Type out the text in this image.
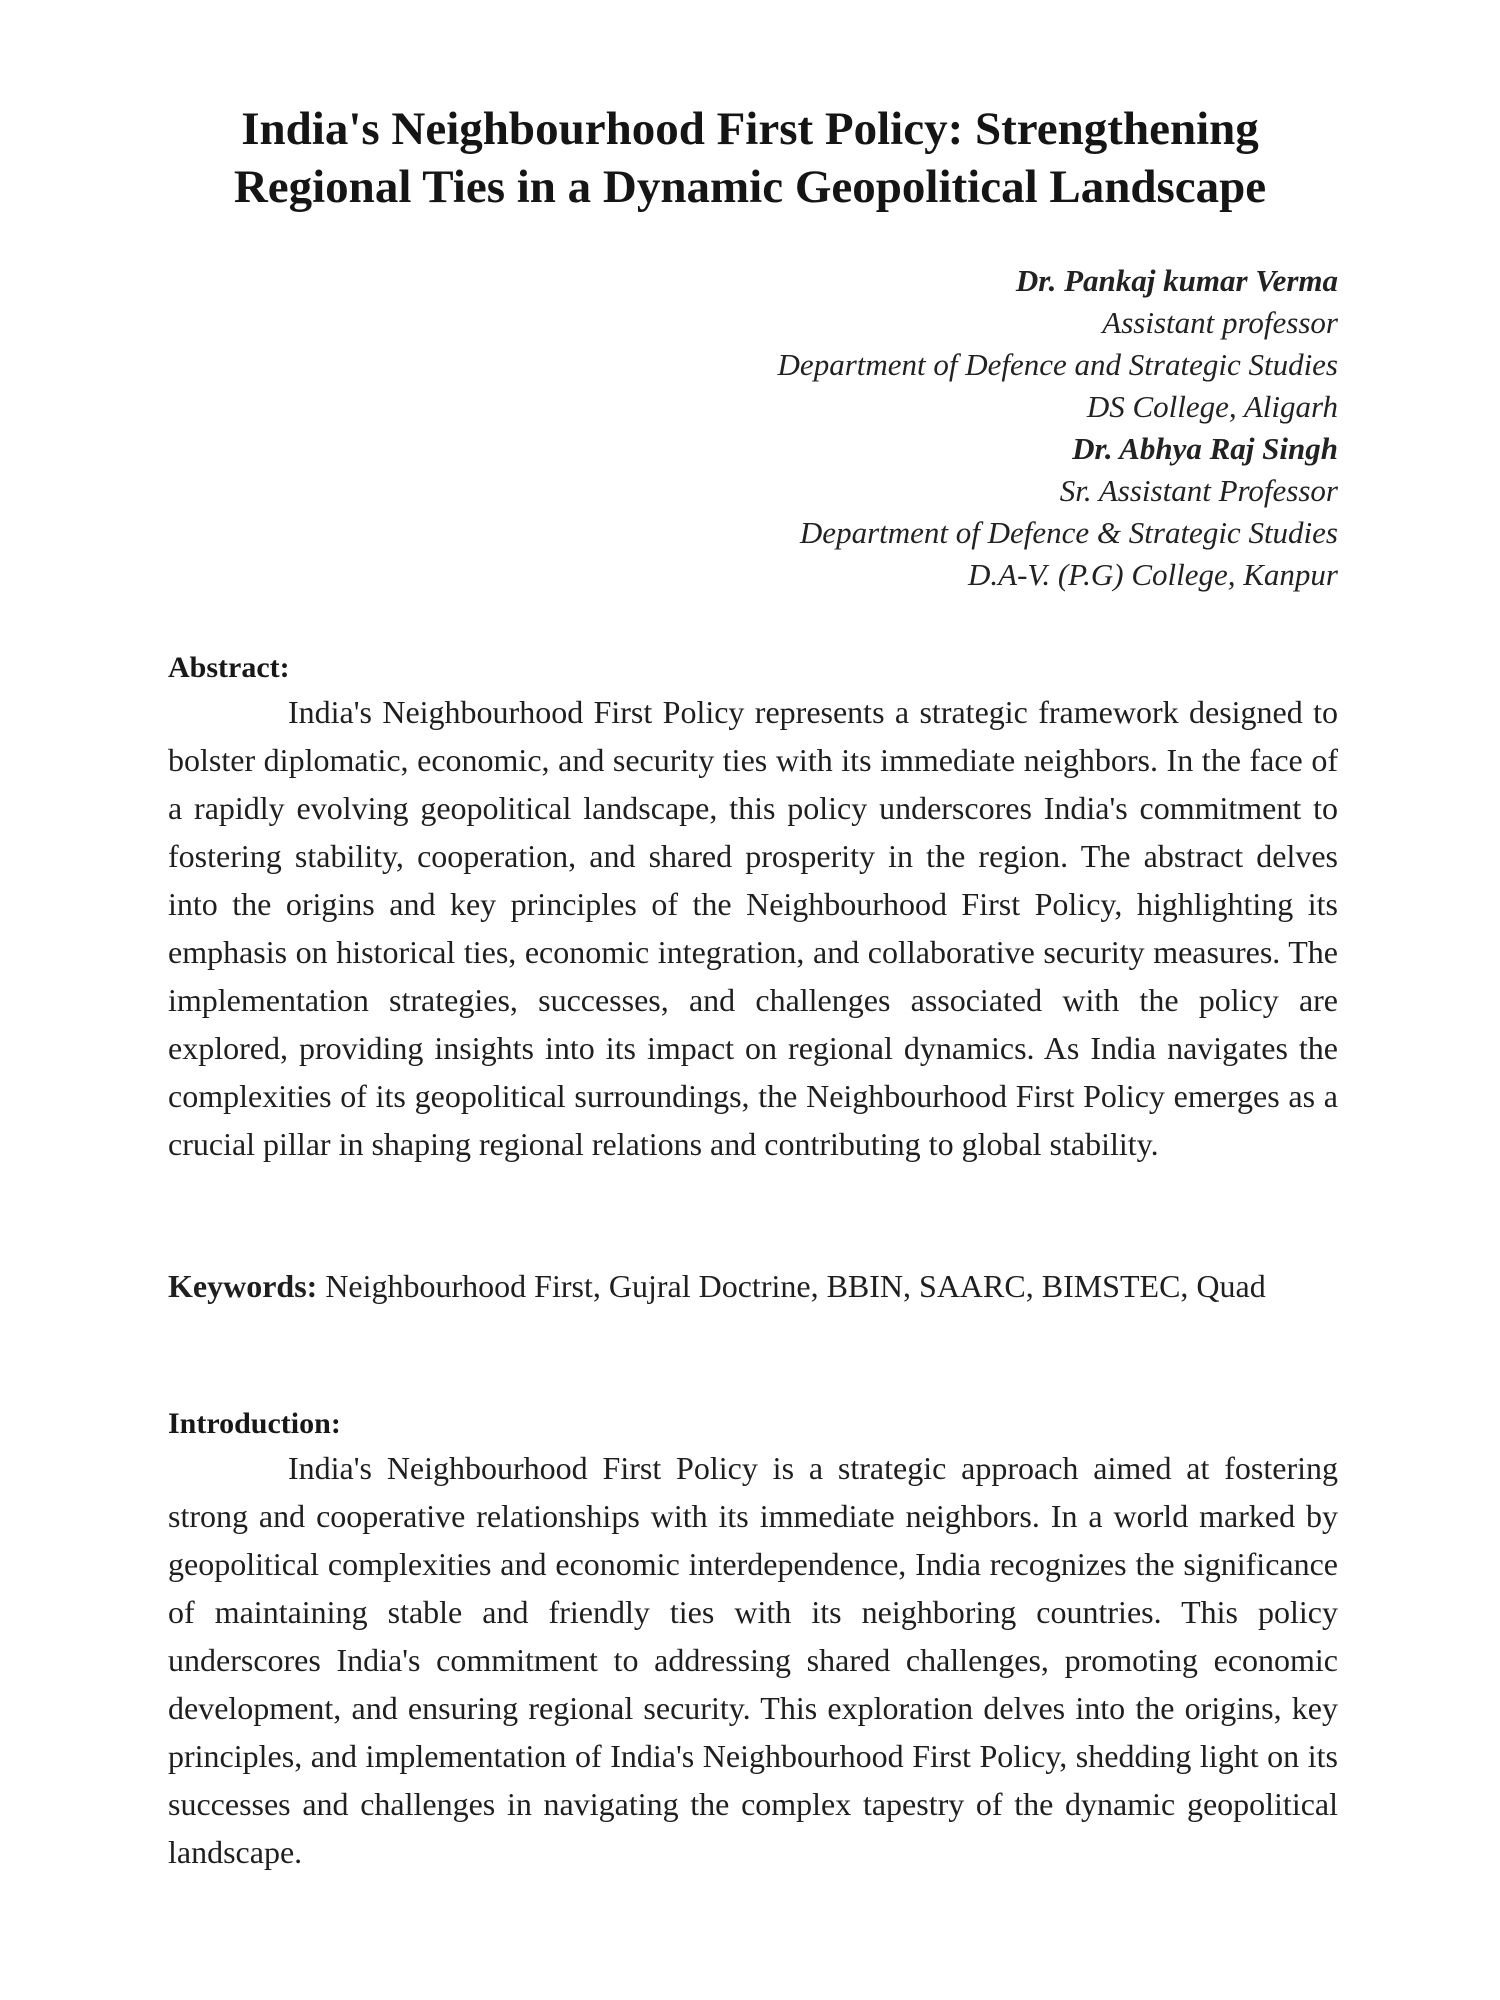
India's Neighbourhood First Policy: Strengthening
Regional Ties in a Dynamic Geopolitical Landscape
Dr. Pankaj kumar Verma
Assistant professor
Department of Defence and Strategic Studies
DS College, Aligarh
Dr. Abhya Raj Singh
Sr. Assistant Professor
Department of Defence & Strategic Studies
D.A-V. (P.G) College, Kanpur
Abstract:
India's Neighbourhood First Policy represents a strategic framework designed to bolster diplomatic, economic, and security ties with its immediate neighbors. In the face of a rapidly evolving geopolitical landscape, this policy underscores India's commitment to fostering stability, cooperation, and shared prosperity in the region. The abstract delves into the origins and key principles of the Neighbourhood First Policy, highlighting its emphasis on historical ties, economic integration, and collaborative security measures. The implementation strategies, successes, and challenges associated with the policy are explored, providing insights into its impact on regional dynamics. As India navigates the complexities of its geopolitical surroundings, the Neighbourhood First Policy emerges as a crucial pillar in shaping regional relations and contributing to global stability.
Keywords: Neighbourhood First, Gujral Doctrine, BBIN, SAARC, BIMSTEC, Quad
Introduction:
India's Neighbourhood First Policy is a strategic approach aimed at fostering strong and cooperative relationships with its immediate neighbors. In a world marked by geopolitical complexities and economic interdependence, India recognizes the significance of maintaining stable and friendly ties with its neighboring countries. This policy underscores India's commitment to addressing shared challenges, promoting economic development, and ensuring regional security. This exploration delves into the origins, key principles, and implementation of India's Neighbourhood First Policy, shedding light on its successes and challenges in navigating the complex tapestry of the dynamic geopolitical landscape.
